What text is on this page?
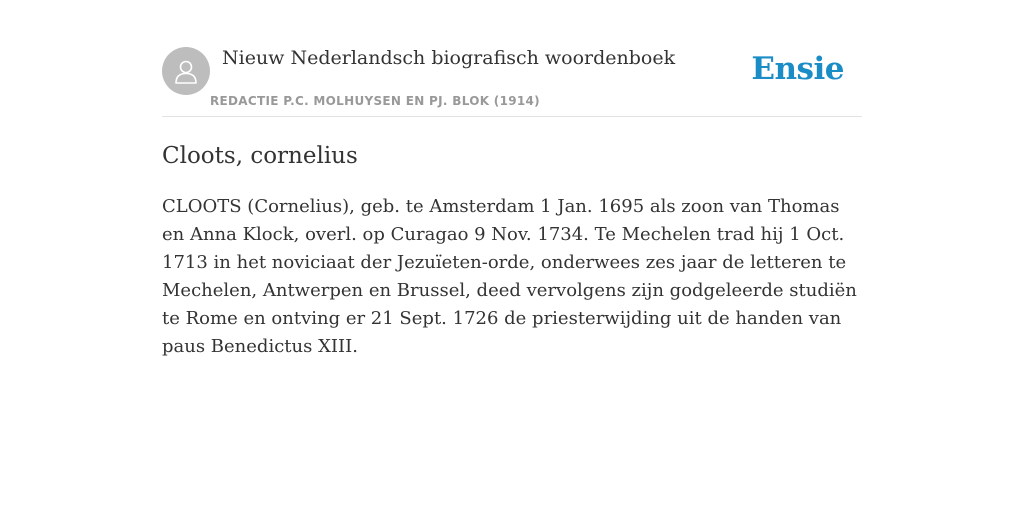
Nieuw Nederlandsch biografisch woordenboek
REDACTIE P.C. MOLHUYSEN EN PJ. BLOK (1914)
Ensie
Cloots, cornelius

CLOOTS (Cornelius), geb. te Amsterdam 1 Jan. 1695 als zoon van Thomas en Anna Klock, overl. op Curagao 9 Nov. 1734. Te Mechelen trad hij 1 Oct. 1713 in het noviciaat der Jezuïeten-orde, onderwees zes jaar de letteren te Mechelen, Antwerpen en Brussel, deed vervolgens zijn godgeleerde studiën te Rome en ontving er 21 Sept. 1726 de priesterwijding uit de handen van paus Benedictus XIII.
